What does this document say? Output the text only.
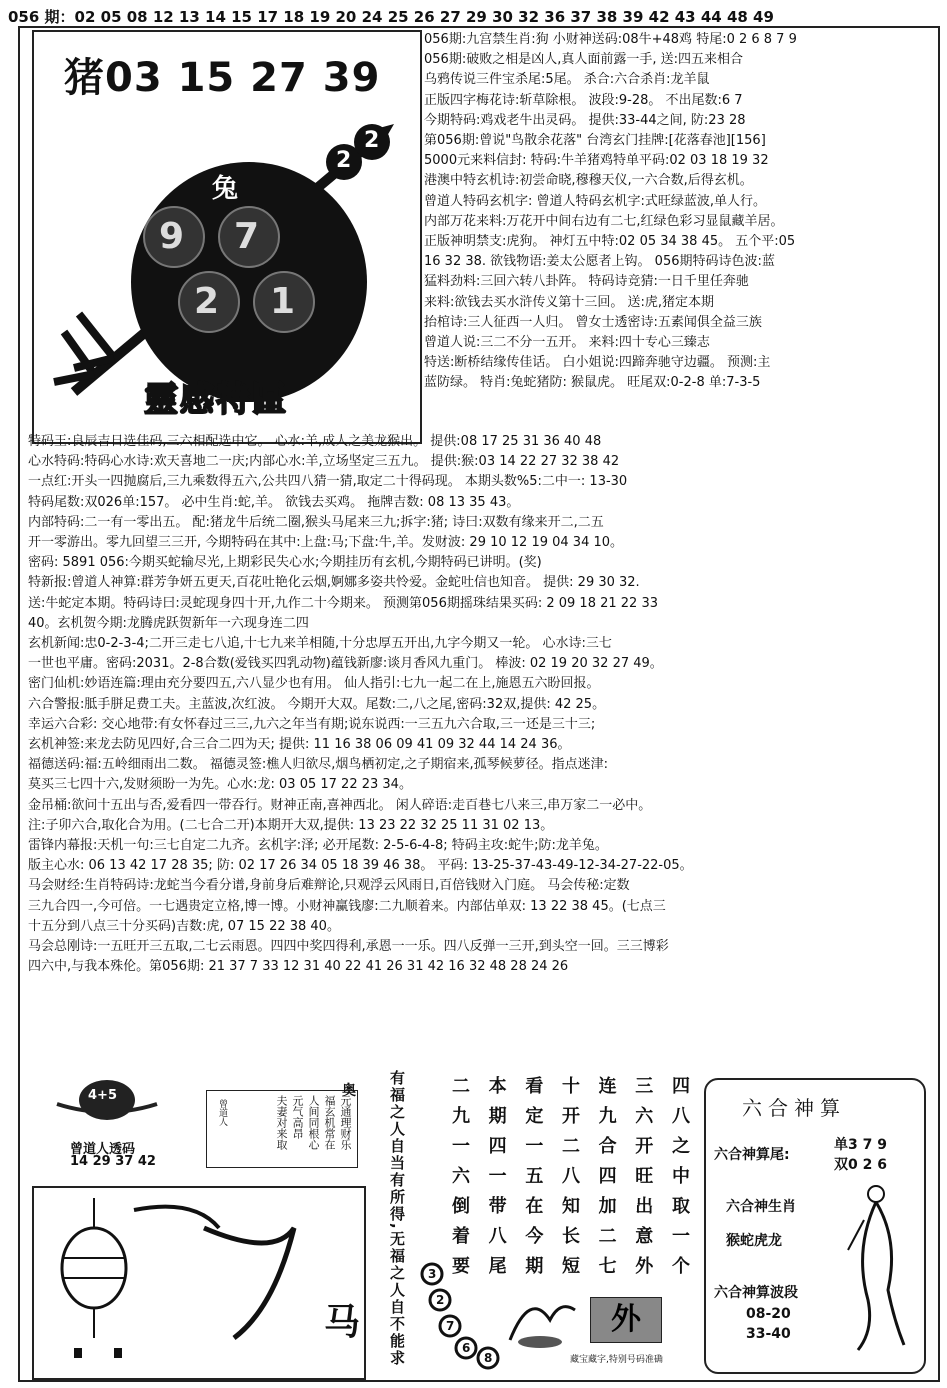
056 期：02 05 08 12 13 14 15 17 18 19 20 24 25 26 27 29 30 32 36 37 38 39 42 43 44 48 49
猪03 15 27 39
兔
9 7
2 1
2
2
靈感特區
056期:九宫禁生肖:狗 小财神送码:08牛+48鸡 特尾:0 2 6 8 7 9
056期:破败之相是凶人,真人面前露一手, 送:四五来相合
乌鸦传说三件宝杀尾:5尾。 杀合:六合杀肖:龙羊鼠
正版四字梅花诗:斩草除根。 波段:9-28。 不出尾数:6 7
今期特码:鸡戏老牛出灵码。 提供:33-44之间, 防:23 28
第056期:曾说"鸟散余花落" 台湾玄门挂牌:[花落春池][156]
5000元来料信封: 特码:牛羊猪鸡特单平码:02 03 18 19 32
港澳中特玄机诗:初尝命晓,穆穆天仪,一六合数,后得玄机。
曾道人特码玄机字: 曾道人特码玄机字:式旺绿蓝波,单人行。
内部万花来料:万花开中间右边有二七,红绿色彩习显鼠藏羊居。
正版神明禁支:虎狗。 神灯五中特:02 05 34 38 45。 五个平:05
16 32 38. 欲钱物语:姜太公愿者上钩。 056期特码诗色波:蓝
猛料劲料:三回六转八卦阵。 特码诗竞猜:一日千里任奔驰
来料:欲钱去买水浒传义第十三回。 送:虎,猪定本期
抬棺诗:三人征西一人归。 曾女士透密诗:五素闻俱全益三族
曾道人说:三二不分一五开。 来料:四十专心三臻志
特送:断桥结缘传佳话。 白小姐说:四蹄奔驰守边疆。 预测:主
蓝防绿。 特肖:兔蛇猪防: 猴鼠虎。 旺尾双:0-2-8 单:7-3-5
特码王:良辰吉日选佳码,三六相配选中它。 心水:羊,成人之美龙猴出。 提供:08 17 25 31 36 40 48
心水特码:特码心水诗:欢天喜地二一庆;内部心水:羊,立场坚定三五九。 提供:猴:03 14 22 27 32 38 42
一点红:开头一四抛腐后,三九乘数得五六,公共四八猜一猜,取定二十得码现。 本期头数%5:二中一: 13-30
特码尾数:双026单:157。 必中生肖:蛇,羊。 欲钱去买鸡。 拖牌吉数: 08 13 35 43。
内部特码:二一有一零出五。 配:猪龙牛后统二圈,猴头马尾来三九;拆字:猪; 诗曰:双数有缘来开二,二五
开一零游出。零九回望三三开, 今期特码在其中:上盘:马;下盘:牛,羊。发财波: 29 10 12 19 04 34 10。
密码: 5891 056:今期买蛇输尽光,上期彩民失心水;今期挂历有玄机,今期特码已讲明。(奖)
特新报:曾道人神算:群芳争妍五更天,百花吐艳化云烟,婀娜多姿共怜爱。金蛇吐信也知音。 提供: 29 30 32.
送:牛蛇定本期。特码诗曰:灵蛇现身四十开,九作二十今期来。 预测第056期摇珠结果买码: 2 09 18 21 22 33
40。玄机贺今期:龙腾虎跃贺新年一六现身连二四
玄机新闻:忠0-2-3-4;二开三走七八追,十七九来羊相随,十分忠厚五开出,九字今期又一轮。 心水诗:三七
一世也平庸。密码:2031。2-8合数(爱钱买四乳动物)蕴钱新廖:谈月香风九重门。 棒波: 02 19 20 32 27 49。
密门仙机:妙语连篇:理由充分要四五,六八显少也有用。 仙人指引:七九一起二在上,施恩五六盼回报。
六合警报:胝手胼足费工夫。主蓝波,次红波。 今期开大双。尾数:二,八之尾,密码:32双,提供: 42 25。
幸运六合彩: 交心地带:有女怀春过三三,九六之年当有期;说东说西:一三五九六合取,三一还是三十三;
玄机神签:来龙去防见四好,合三合二四为天; 提供: 11 16 38 06 09 41 09 32 44 14 24 36。
福德送码:福:五岭细雨出二数。 福德灵签:樵人归欲尽,烟鸟栖初定,之子期宿来,孤琴候萝径。指点迷津:
莫买三七四十六,发财须盼一为先。心水:龙: 03 05 17 22 23 34。
金吊桶:欲问十五出与否,爱看四一带吞行。财神正南,喜神西北。 闲人碎语:走百巷七八来三,串万家二一必中。
注:子卯六合,取化合为用。(二七合二开)本期开大双,提供: 13 23 22 32 25 11 31 02 13。
雷锋内幕报:天机一句:三七自定二九齐。玄机字:泽; 必开尾数: 2-5-6-4-8; 特码主攻:蛇牛;防:龙羊兔。
版主心水: 06 13 42 17 28 35; 防: 02 17 26 34 05 18 39 46 38。 平码: 13-25-37-43-49-12-34-27-22-05。
马会财经:生肖特码诗:龙蛇当今看分谱,身前身后难辩论,只观浮云风雨日,百倍钱财入门庭。 马会传秘:定数
三九合四一,今可倍。一七遇贵定立格,博一博。小财神赢钱廖:二九顺着来。内部估单双: 13 22 38 45。(七点三
十五分到八点三十分买码)吉数:虎, 07 15 22 38 40。
马会总刚诗:一五旺开三五取,二七云雨恩。四四中奖四得利,承恩一一乐。四八反弹一三开,到头空一回。三三博彩
四六中,与我本殊伦。第056期: 21 37 7 33 12 31 40 22 41 26 31 42 16 32 48 28 24 26
4+5
曾道人透码
14 29 37 42
元通理财乐
福玄机常在
人间同根心
元气高昂
夫妻对来取
曾道人
奥
马	有福之人自当有所得,无福之人自不能求	二	本	看	十	连	三	四
九	期	定	开	九	六	八
一	四	一	二	合	开	之
六	一	五	八	四	旺	中
倒	带	在	知	加	出	取
着	八	今	长	二	意	一
要	尾	期	短	七	外	个
3
2
7
6
8
外
藏宝藏字,特别号码准确
六合神算
六合神算尾:
单3 7 9
双0 2 6
六合神生肖
猴蛇虎龙
六合神算波段
08-20
33-40
